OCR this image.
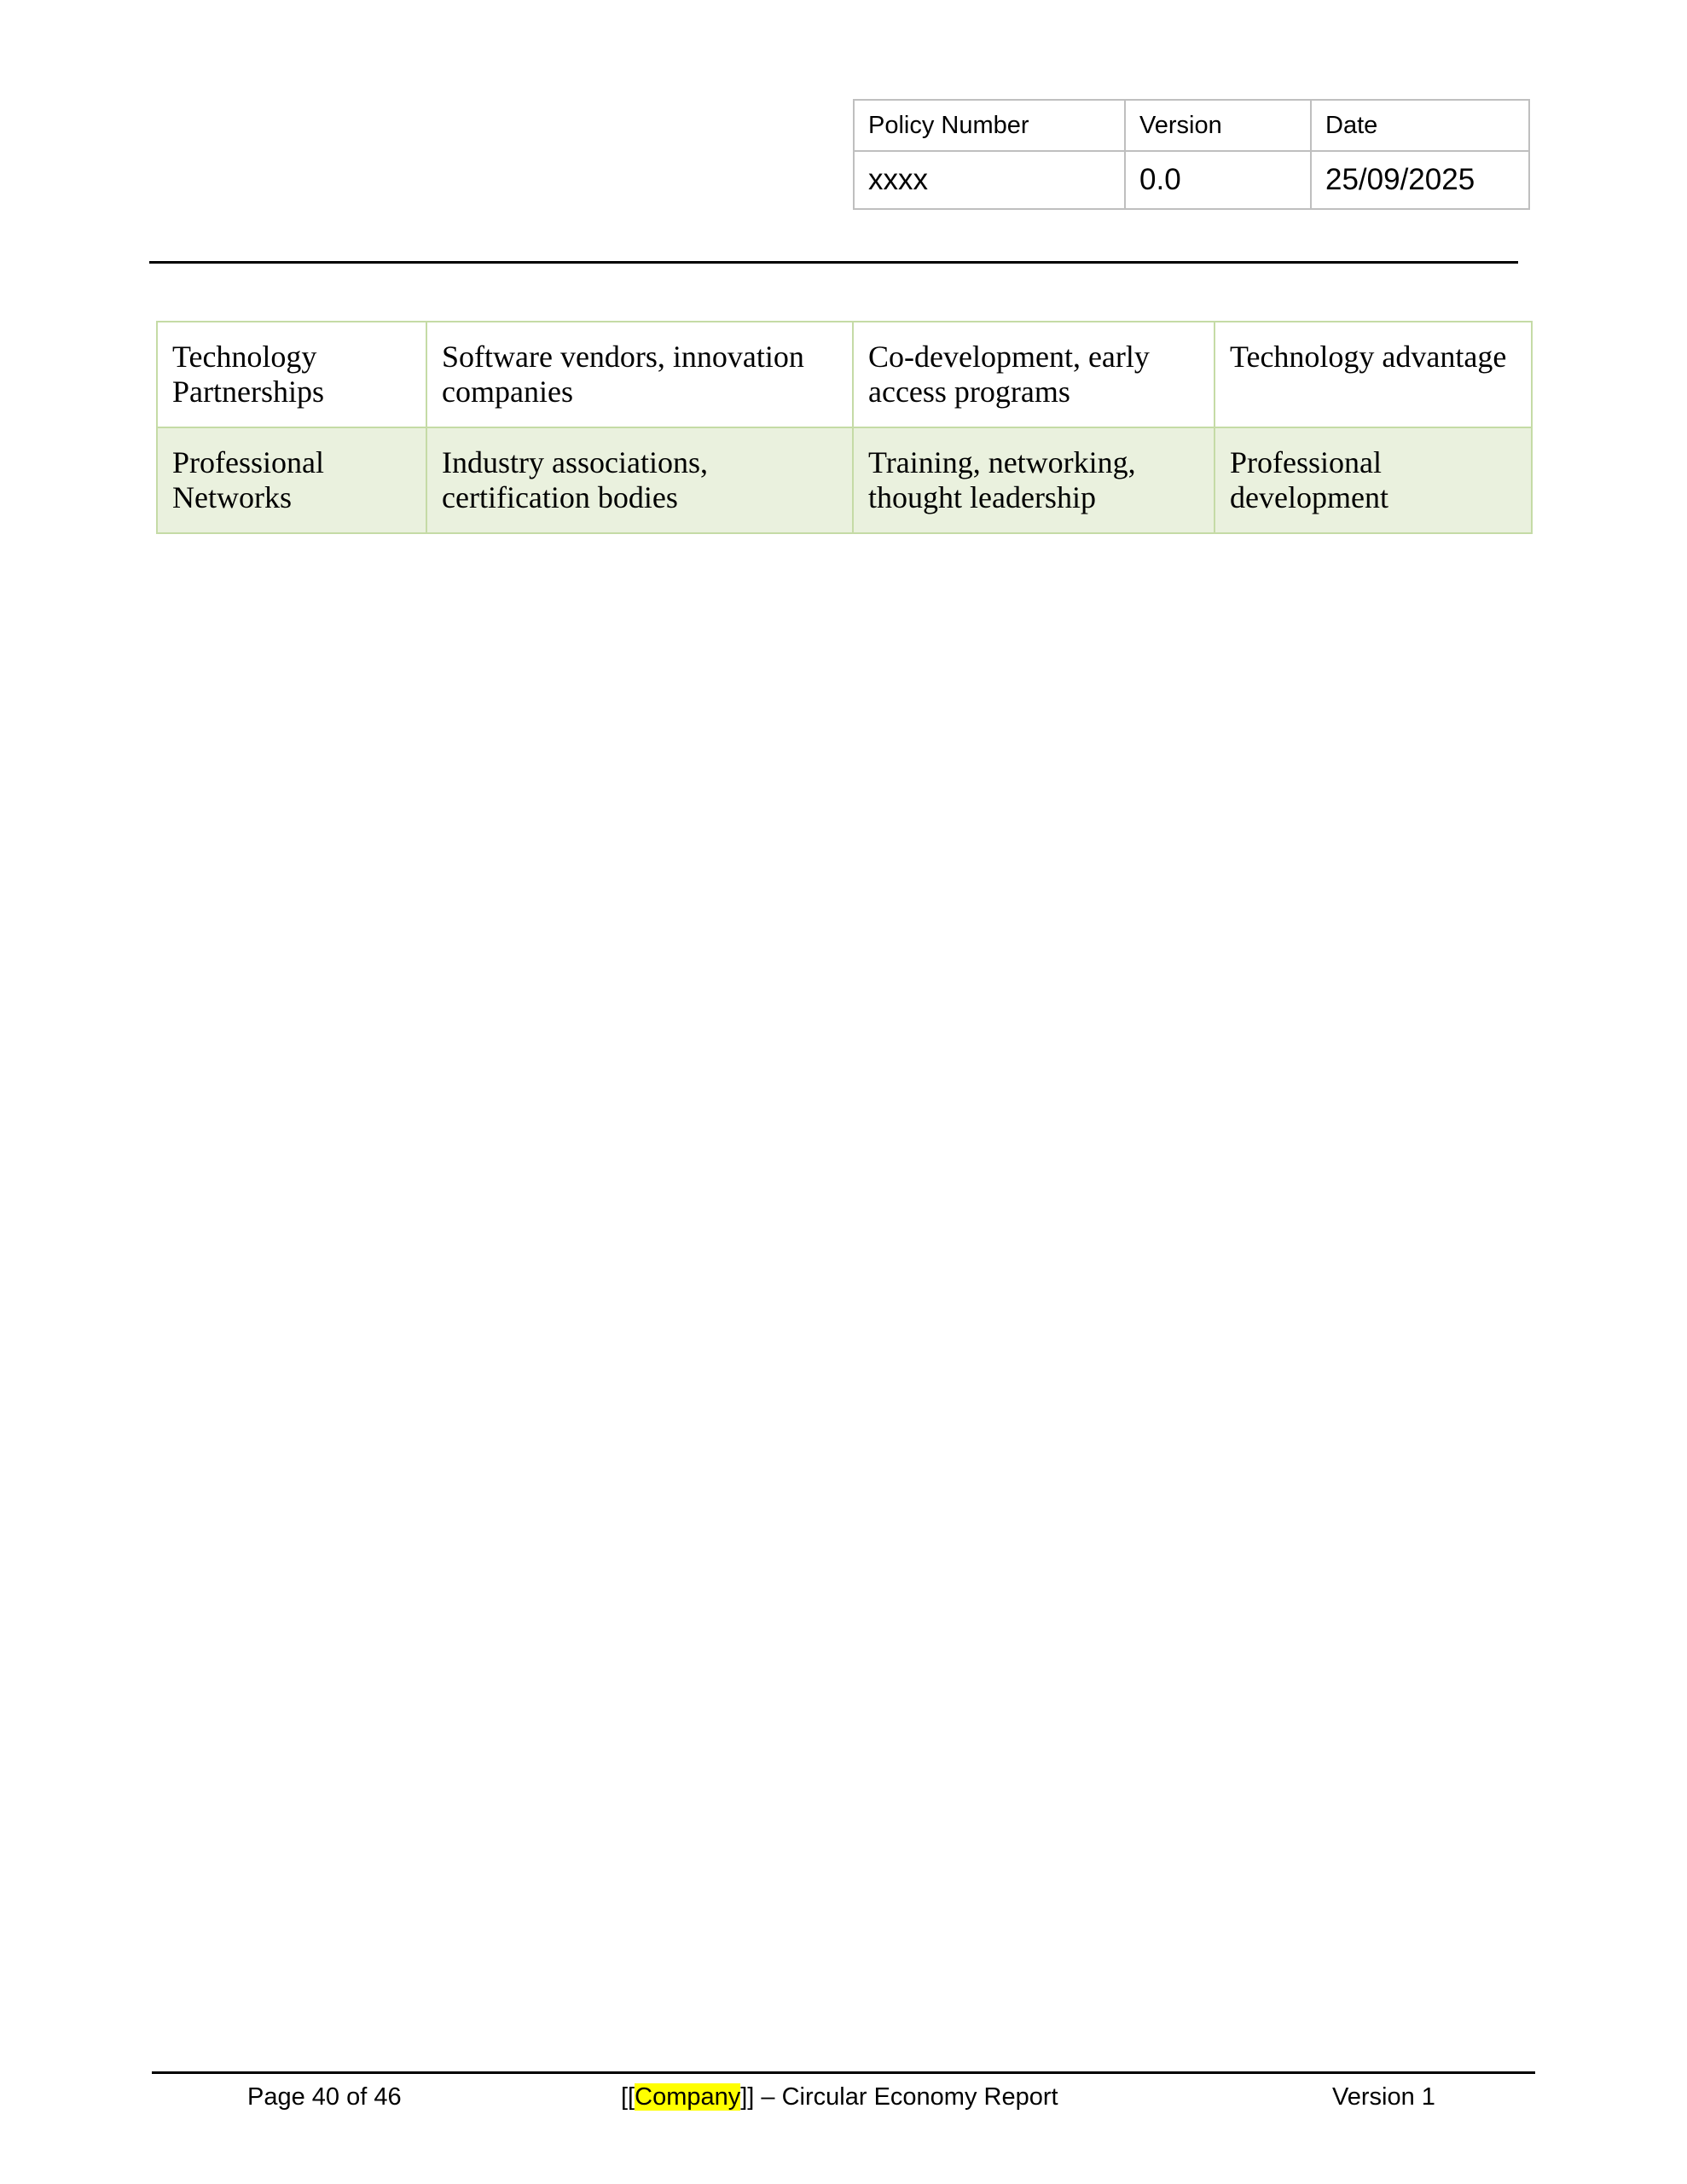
Policy Number	Version	Date
xxxx	0.0	25/09/2025
Technology Partnerships	Software vendors, innovation companies	Co-development, early access programs	Technology advantage
Professional Networks	Industry associations, certification bodies	Training, networking, thought leadership	Professional development
Page 40 of 46	[[Company]] – Circular Economy Report	Version 1
